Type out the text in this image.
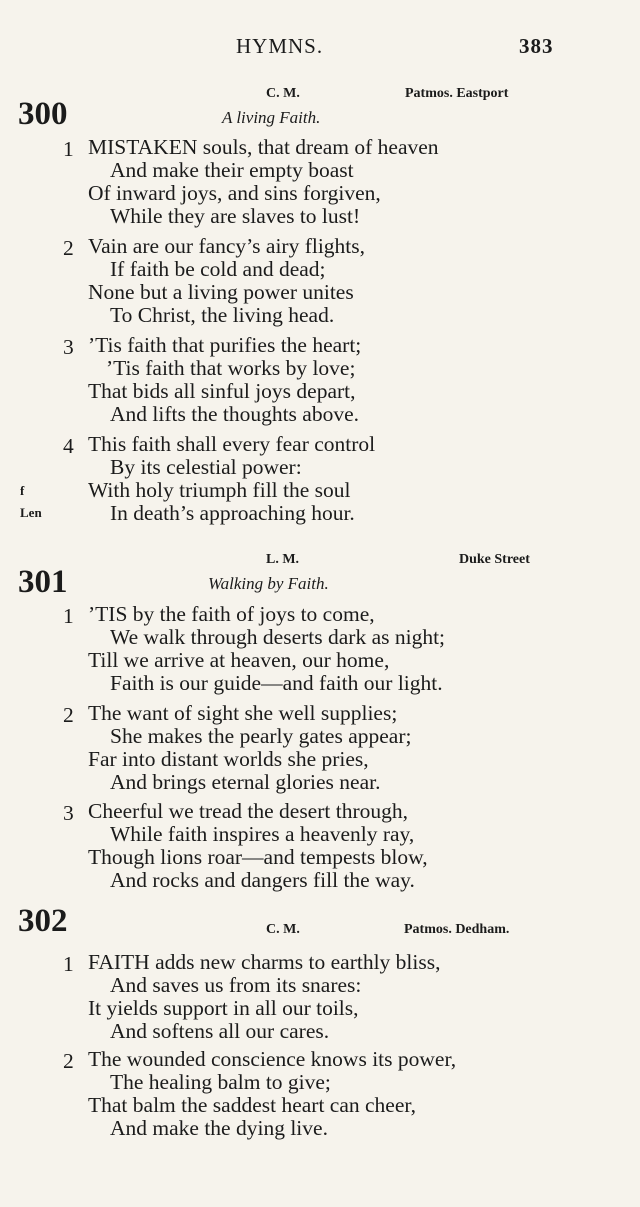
HYMNS.	383
300
C. M.	Patmos. Eastport
A living Faith.
1 MISTAKEN souls, that dream of heaven
And make their empty boast
Of inward joys, and sins forgiven,
While they are slaves to lust!
2 Vain are our fancy’s airy flights,
If faith be cold and dead;
None but a living power unites
To Christ, the living head.
3 ’Tis faith that purifies the heart;
’Tis faith that works by love;
That bids all sinful joys depart,
And lifts the thoughts above.
4 This faith shall every fear control
By its celestial power:
f	With holy triumph fill the soul
Len	In death’s approaching hour.
301
L. M.	Duke Street
Walking by Faith.
1 ’TIS by the faith of joys to come,
We walk through deserts dark as night;
Till we arrive at heaven, our home,
Faith is our guide—and faith our light.
2 The want of sight she well supplies;
She makes the pearly gates appear;
Far into distant worlds she pries,
And brings eternal glories near.
3 Cheerful we tread the desert through,
While faith inspires a heavenly ray,
Though lions roar—and tempests blow,
And rocks and dangers fill the way.
302	C. M.	Patmos. Dedham.
1 FAITH adds new charms to earthly bliss,
And saves us from its snares:
It yields support in all our toils,
And softens all our cares.
2 The wounded conscience knows its power,
The healing balm to give;
That balm the saddest heart can cheer,
And make the dying live.
